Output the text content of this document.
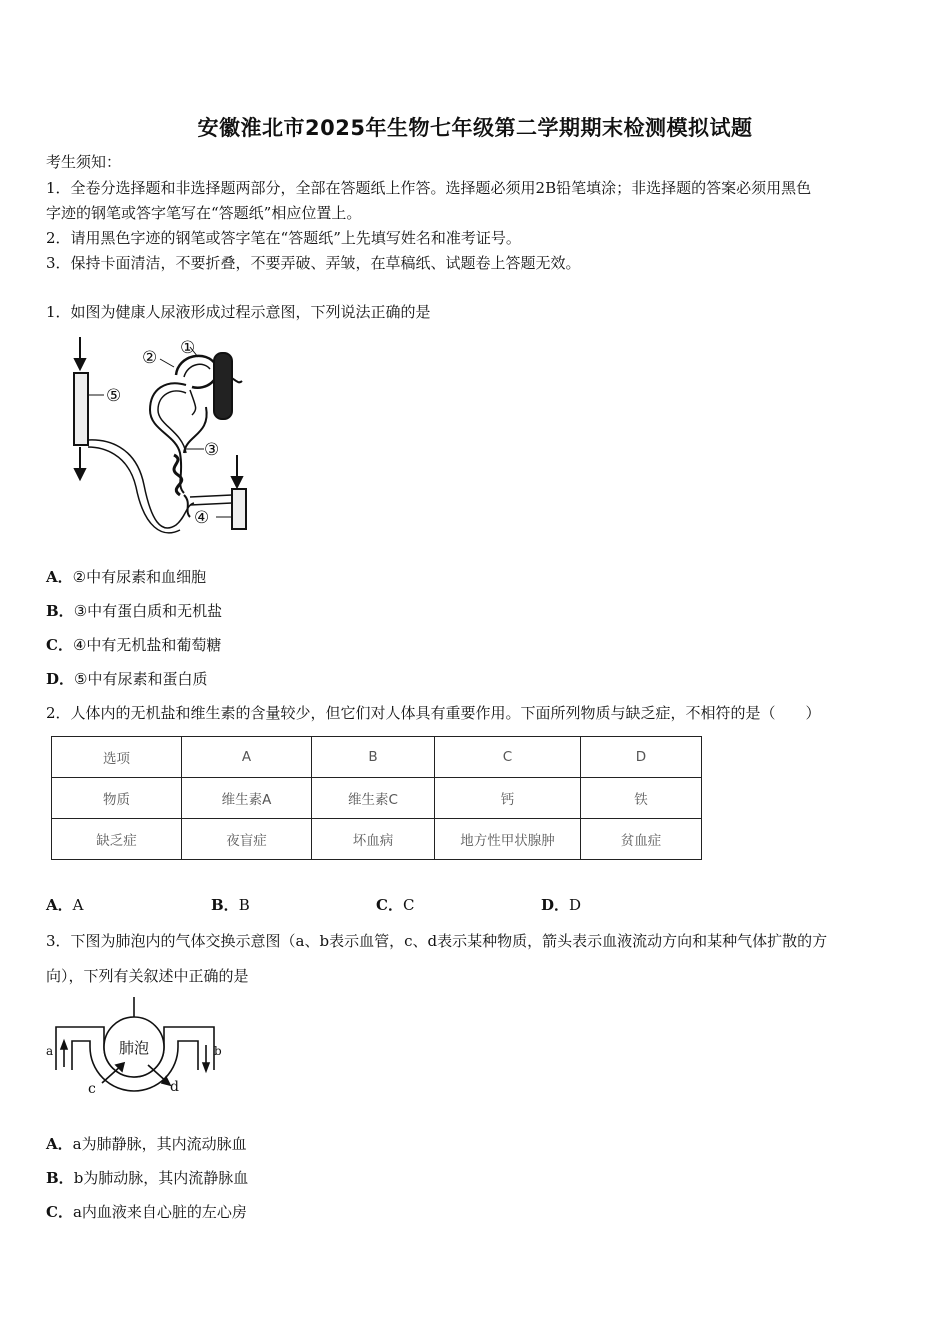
安徽淮北市2025年生物七年级第二学期期末检测模拟试题
考生须知：
1．全卷分选择题和非选择题两部分，全部在答题纸上作答。选择题必须用2B铅笔填涂；非选择题的答案必须用黑色
字迹的钢笔或答字笔写在“答题纸”相应位置上。
2．请用黑色字迹的钢笔或答字笔在“答题纸”上先填写姓名和准考证号。
3．保持卡面清洁，不要折叠，不要弄破、弄皱，在草稿纸、试题卷上答题无效。
1．如图为健康人尿液形成过程示意图，下列说法正确的是
⑤
② ①
③
④
A．②中有尿素和血细胞
B．③中有蛋白质和无机盐
C．④中有无机盐和葡萄糖
D．⑤中有尿素和蛋白质
2．人体内的无机盐和维生素的含量较少，但它们对人体具有重要作用。下面所列物质与缺乏症，不相符的是（　　）
选项	A	B	C	D
物质	维生素A	维生素C	钙	铁
缺乏症	夜盲症	坏血病	地方性甲状腺肿	贫血症
A．A	B．B	C．C	D．D
3．下图为肺泡内的气体交换示意图（a、b表示血管，c、d表示某种物质，箭头表示血液流动方向和某种气体扩散的方
向），下列有关叙述中正确的是
肺泡
a	b
c	d
A．a为肺静脉，其内流动脉血
B．b为肺动脉，其内流静脉血
C．a内血液来自心脏的左心房
